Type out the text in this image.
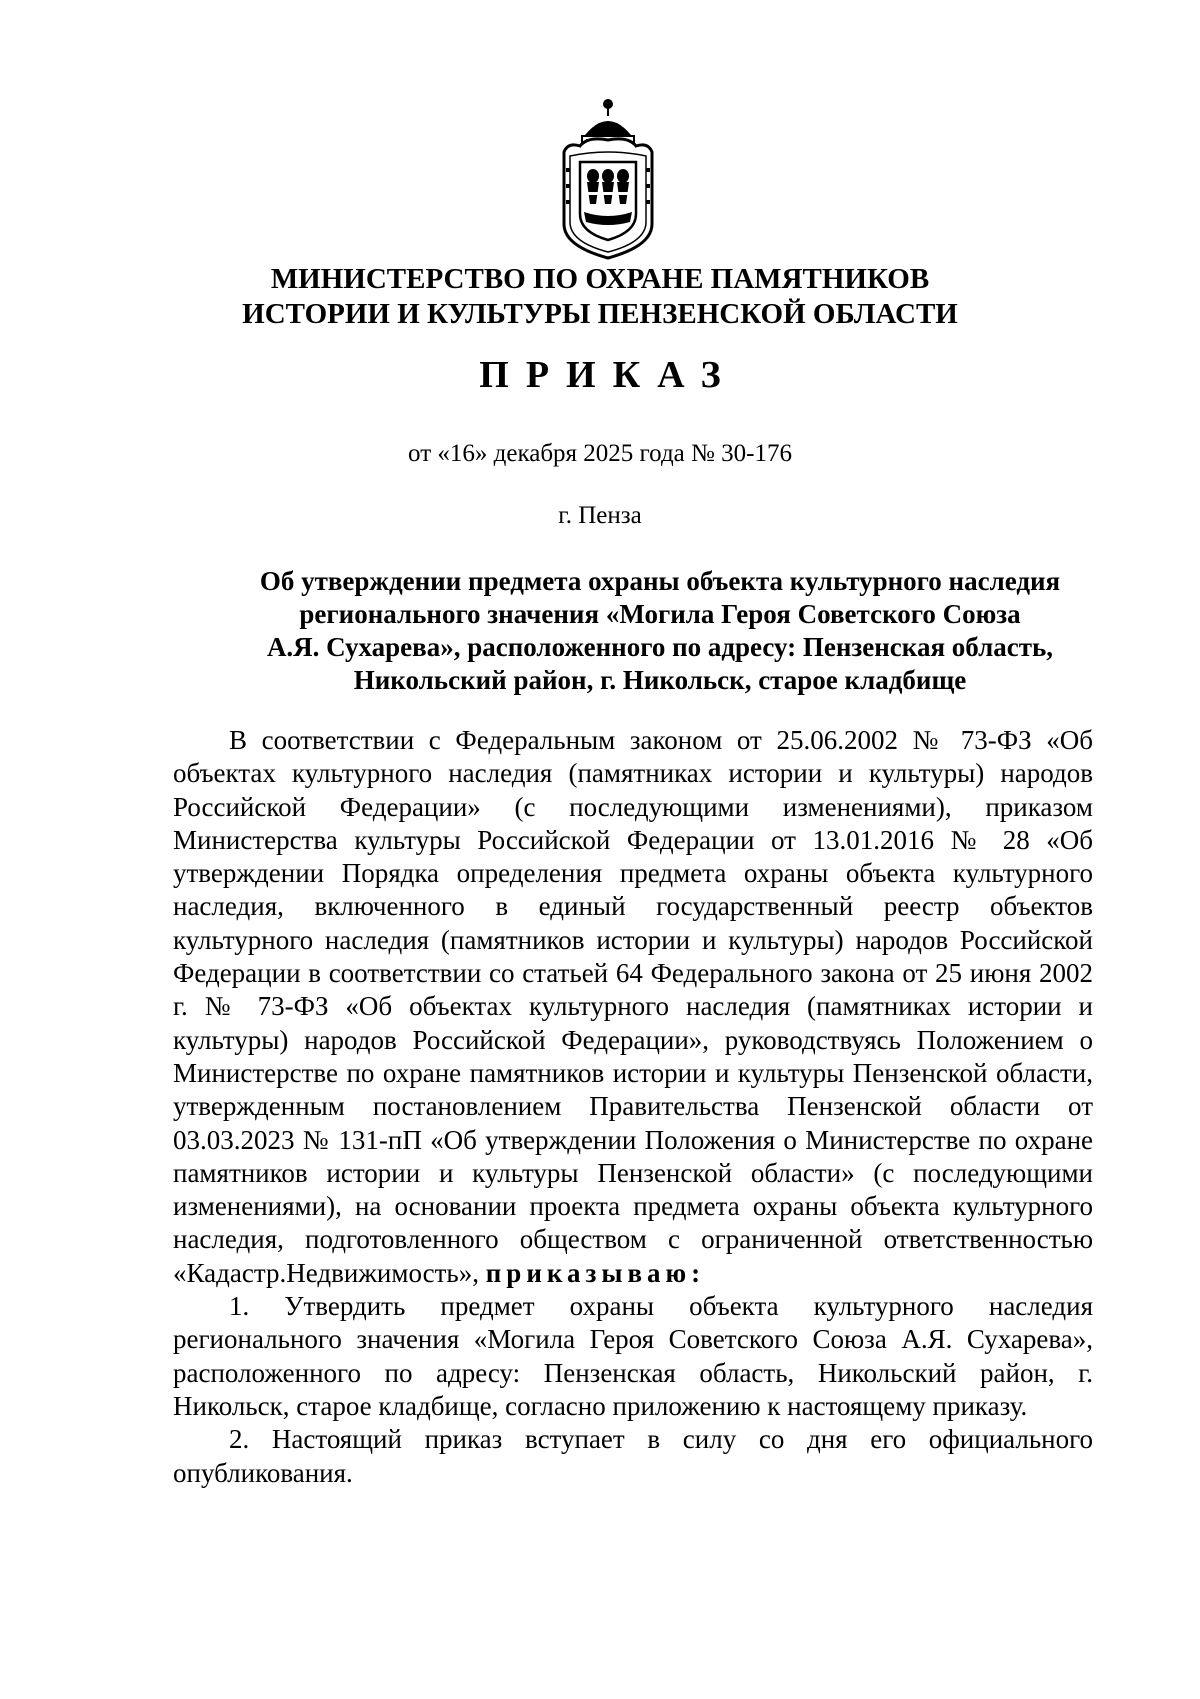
МИНИСТЕРСТВО ПО ОХРАНЕ ПАМЯТНИКОВ
ИСТОРИИ И КУЛЬТУРЫ ПЕНЗЕНСКОЙ ОБЛАСТИ
ПРИКАЗ
от «16» декабря 2025 года № 30-176
г. Пенза
Об утверждении предмета охраны объекта культурного наследия
регионального значения «Могила Героя Советского Союза
А.Я. Сухарева», расположенного по адресу: Пензенская область,
Никольский район, г. Никольск, старое кладбище

В соответствии с Федеральным законом от 25.06.2002 № 73-ФЗ «Об объектах культурного наследия (памятниках истории и культуры) народов Российской Федерации» (с последующими изменениями), приказом Министерства культуры Российской Федерации от 13.01.2016 № 28 «Об утверждении Порядка определения предмета охраны объекта культурного наследия, включенного в единый государственный реестр объектов культурного наследия (памятников истории и культуры) народов Российской Федерации в соответствии со статьей 64 Федерального закона от 25 июня 2002 г. № 73-ФЗ «Об объектах культурного наследия (памятниках истории и культуры) народов Российской Федерации», руководствуясь Положением о Министерстве по охране памятников истории и культуры Пензенской области, утвержденным постановлением Правительства Пензенской области от 03.03.2023 № 131-пП «Об утверждении Положения о Министерстве по охране памятников истории и культуры Пензенской области» (с последующими изменениями), на основании проекта предмета охраны объекта культурного наследия, подготовленного обществом с ограниченной ответственностью «Кадастр.Недвижимость», приказываю:

1. Утвердить предмет охраны объекта культурного наследия регионального значения «Могила Героя Советского Союза А.Я. Сухарева», расположенного по адресу: Пензенская область, Никольский район, г. Никольск, старое кладбище, согласно приложению к настоящему приказу.

2. Настоящий приказ вступает в силу со дня его официального опубликования.
